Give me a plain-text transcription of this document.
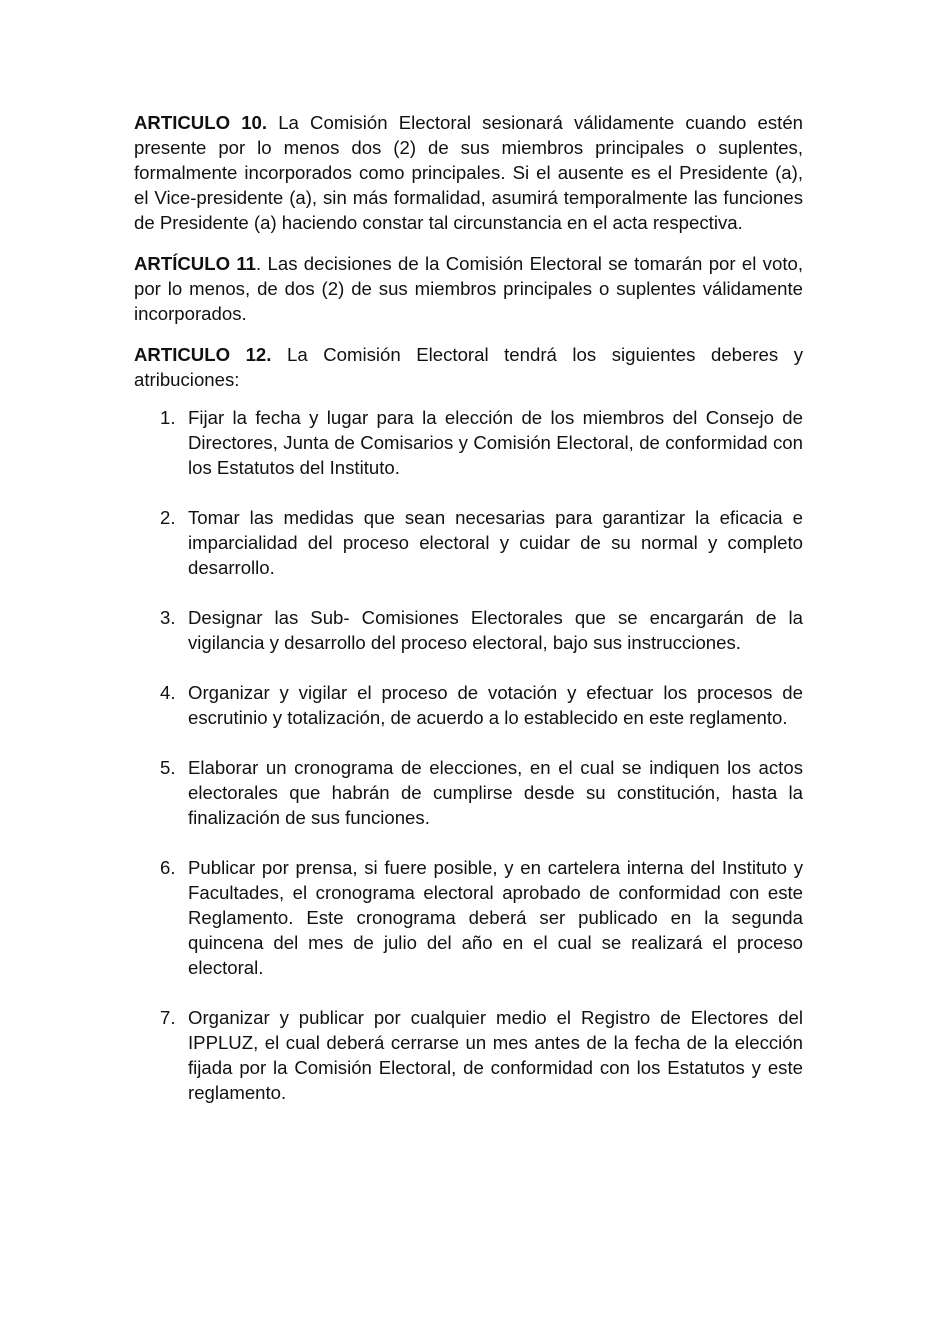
ARTICULO 10. La Comisión Electoral sesionará válidamente cuando estén presente por lo menos dos (2) de sus miembros principales o suplentes, formalmente incorporados como principales. Si el ausente es el Presidente (a), el Vice-presidente (a), sin más formalidad, asumirá temporalmente las funciones de Presidente (a) haciendo constar tal circunstancia en el acta respectiva.

ARTÍCULO 11. Las decisiones de la Comisión Electoral se tomarán por el voto, por lo menos, de dos (2) de sus miembros principales o suplentes válidamente incorporados.

ARTICULO 12. La Comisión Electoral tendrá los siguientes deberes y atribuciones:

1. Fijar la fecha y lugar para la elección de los miembros del Consejo de Directores, Junta de Comisarios y Comisión Electoral, de conformidad con los Estatutos del Instituto.
2. Tomar las medidas que sean necesarias para garantizar la eficacia e imparcialidad del proceso electoral y cuidar de su normal y completo desarrollo.
3. Designar las Sub- Comisiones Electorales que se encargarán de la vigilancia y desarrollo del proceso electoral, bajo sus instrucciones.
4. Organizar y vigilar el proceso de votación y efectuar los procesos de escrutinio y totalización, de acuerdo a lo establecido en este reglamento.
5. Elaborar un cronograma de elecciones, en el cual se indiquen los actos electorales que habrán de cumplirse desde su constitución, hasta la finalización de sus funciones.
6. Publicar por prensa, si fuere posible, y en cartelera interna del Instituto y Facultades, el cronograma electoral aprobado de conformidad con este Reglamento. Este cronograma deberá ser publicado en la segunda quincena del mes de julio del año en el cual se realizará el proceso electoral.
7. Organizar y publicar por cualquier medio el Registro de Electores del IPPLUZ, el cual deberá cerrarse un mes antes de la fecha de la elección fijada por la Comisión Electoral, de conformidad con los Estatutos y este reglamento.
